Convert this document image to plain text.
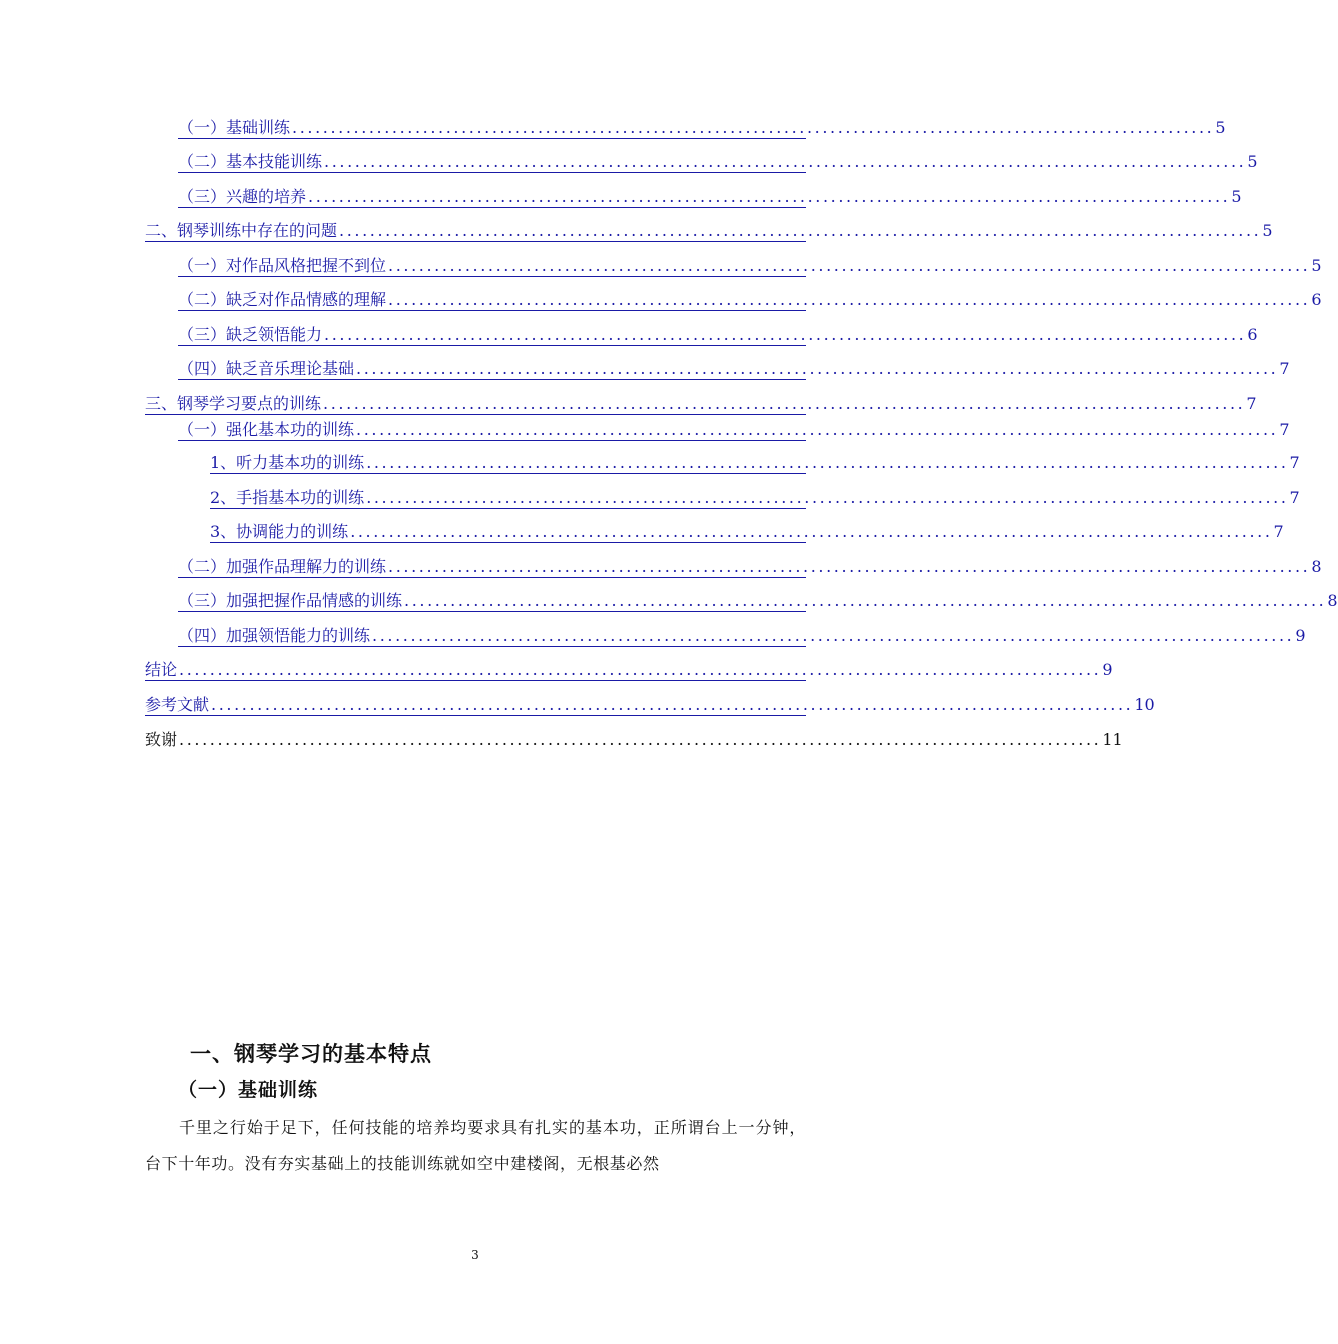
（一）基础训练 ........................................................................................................................ 5
（二）基本技能训练 ........................................................................................................................ 5
（三）兴趣的培养 ........................................................................................................................ 5
二、钢琴训练中存在的问题 ........................................................................................................................ 5
（一）对作品风格把握不到位 ........................................................................................................................ 5
（二）缺乏对作品情感的理解 ........................................................................................................................ 6
（三）缺乏领悟能力 ........................................................................................................................ 6
（四）缺乏音乐理论基础 ........................................................................................................................ 7
三、钢琴学习要点的训练 ........................................................................................................................ 7
（一）强化基本功的训练 ........................................................................................................................ 7
1、听力基本功的训练 ........................................................................................................................ 7
2、手指基本功的训练 ........................................................................................................................ 7
3、协调能力的训练 ........................................................................................................................ 7
（二）加强作品理解力的训练 ........................................................................................................................ 8
（三）加强把握作品情感的训练 ........................................................................................................................ 8
（四）加强领悟能力的训练 ........................................................................................................................ 9
结论 ........................................................................................................................ 9
参考文献 ........................................................................................................................ 10
致谢 ........................................................................................................................ 11
一、钢琴学习的基本特点
（一）基础训练
千里之行始于足下，任何技能的培养均要求具有扎实的基本功，正所谓台上一分钟，台下十年功。没有夯实基础上的技能训练就如空中建楼阁，无根基必然
3
